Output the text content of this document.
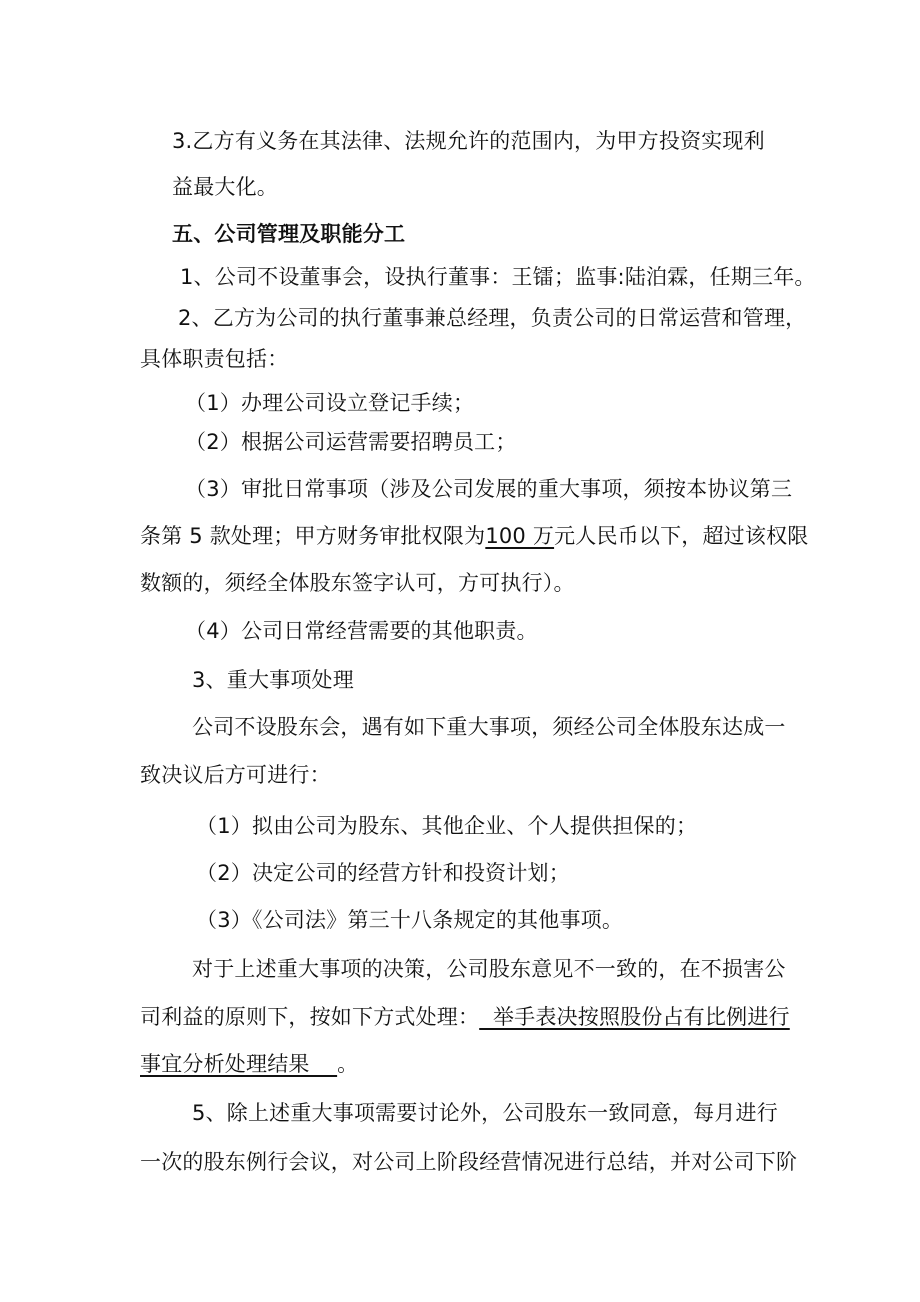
3.乙方有义务在其法律、法规允许的范围内，为甲方投资实现利
益最大化。
五、公司管理及职能分工
1、公司不设董事会，设执行董事：王镭；监事:陆泊霖，任期三年。
2、乙方为公司的执行董事兼总经理，负责公司的日常运营和管理，
具体职责包括：
（1）办理公司设立登记手续；
（2）根据公司运营需要招聘员工；
（3）审批日常事项（涉及公司发展的重大事项，须按本协议第三
条第 5 款处理；甲方财务审批权限为100 万元人民币以下，超过该权限
数额的，须经全体股东签字认可，方可执行）。
（4）公司日常经营需要的其他职责。
3、重大事项处理
公司不设股东会，遇有如下重大事项，须经公司全体股东达成一
致决议后方可进行：
（1）拟由公司为股东、其他企业、个人提供担保的；
（2）决定公司的经营方针和投资计划；
（3）《公司法》第三十八条规定的其他事项。
对于上述重大事项的决策，公司股东意见不一致的，在不损害公
司利益的原则下，按如下方式处理：  举手表决按照股份占有比例进行
事宜分析处理结果    。
5、除上述重大事项需要讨论外，公司股东一致同意，每月进行
一次的股东例行会议，对公司上阶段经营情况进行总结，并对公司下阶
